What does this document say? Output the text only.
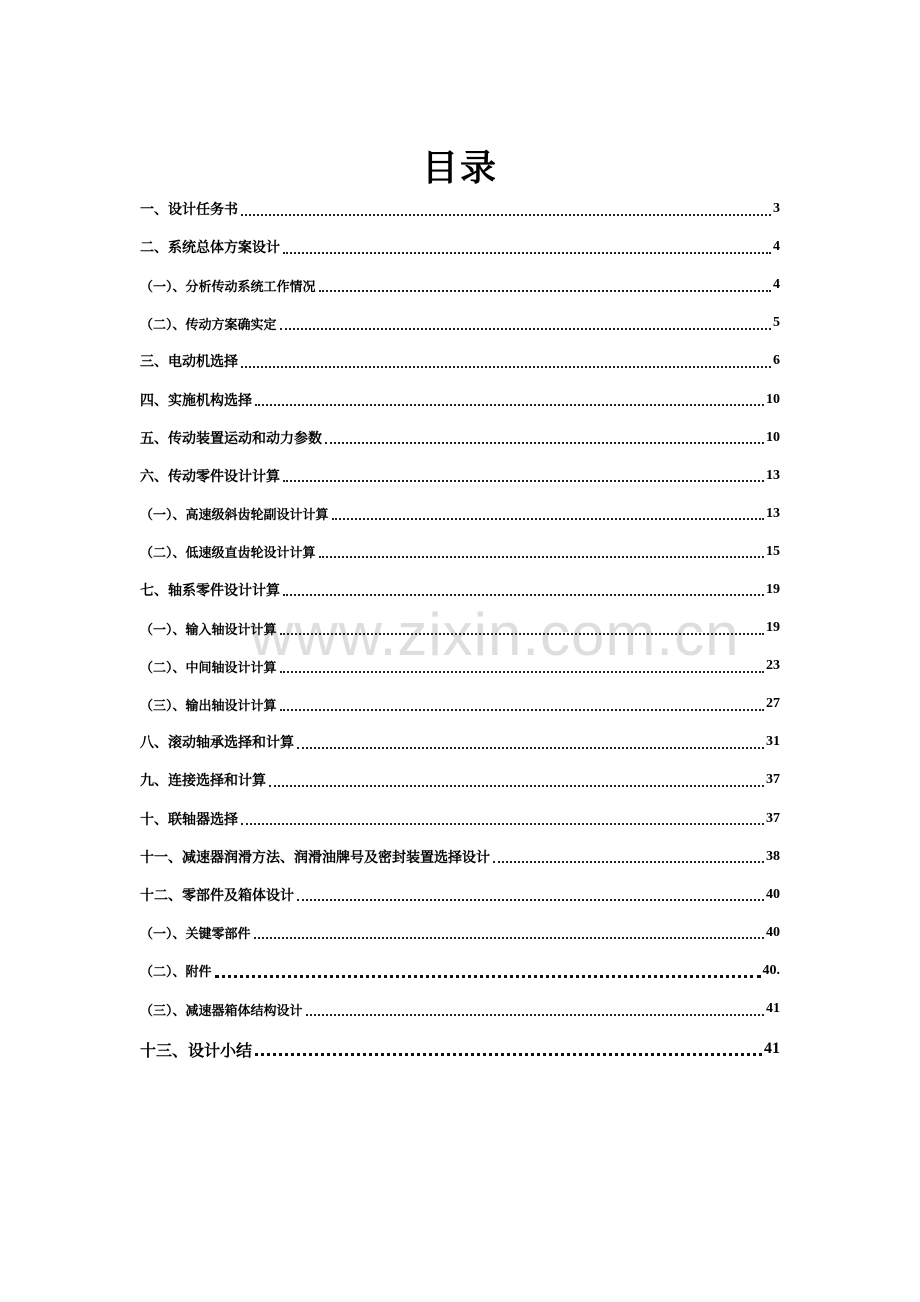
目录
www.zixin.com.cn
一、设计任务书	3
二、系统总体方案设计	4
（一）、分析传动系统工作情况	4
（二）、传动方案确实定	5
三、电动机选择	6
四、实施机构选择	10
五、传动装置运动和动力参数	10
六、传动零件设计计算	13
（一）、高速级斜齿轮副设计计算	13
（二）、低速级直齿轮设计计算	15
七、轴系零件设计计算	19
（一）、输入轴设计计算	19
（二）、中间轴设计计算	23
（三）、输出轴设计计算	27
八、滚动轴承选择和计算	31
九、连接选择和计算	37
十、联轴器选择	37
十一、减速器润滑方法、润滑油牌号及密封装置选择设计	38
十二、零部件及箱体设计	40
（一）、关键零部件	40
（二）、附件	40.
（三）、减速器箱体结构设计	41
十三、设计小结	41
